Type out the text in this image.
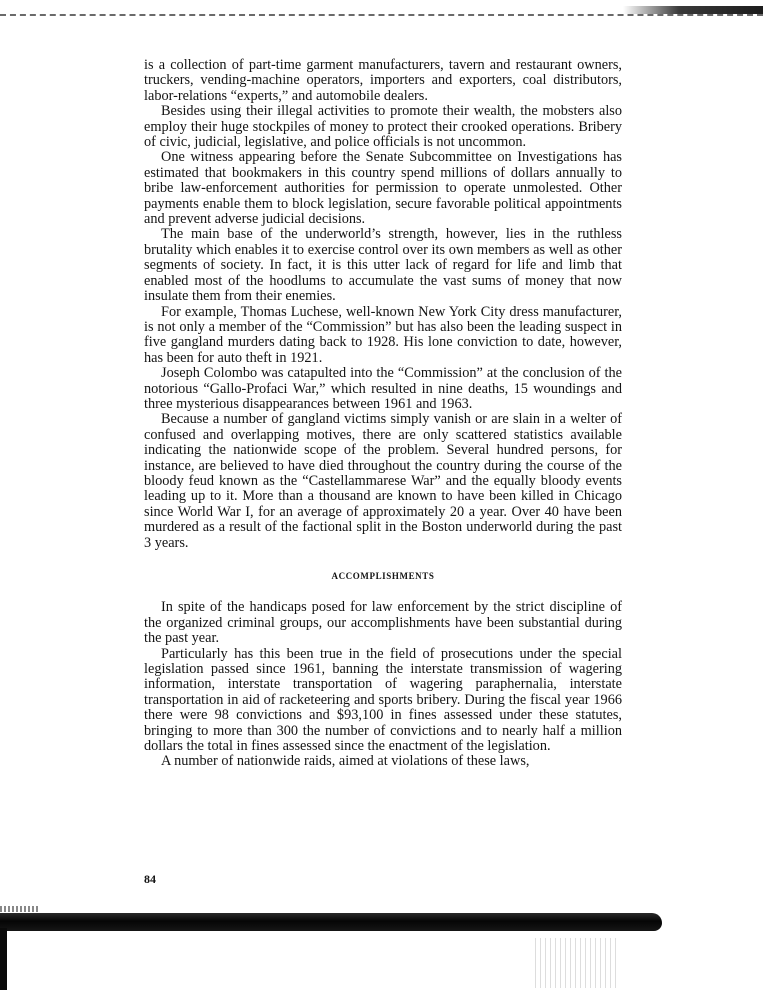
is a collection of part-time garment manufacturers, tavern and restaurant owners, truckers, vending-machine operators, importers and exporters, coal distributors, labor-relations “experts,” and automobile dealers.

Besides using their illegal activities to promote their wealth, the mobsters also employ their huge stockpiles of money to protect their crooked operations. Bribery of civic, judicial, legislative, and police officials is not uncommon.

One witness appearing before the Senate Subcommittee on Investigations has estimated that bookmakers in this country spend millions of dollars annually to bribe law-enforcement authorities for permission to operate unmolested. Other payments enable them to block legislation, secure favorable political appointments and prevent adverse judicial decisions.

The main base of the underworld’s strength, however, lies in the ruthless brutality which enables it to exercise control over its own members as well as other segments of society. In fact, it is this utter lack of regard for life and limb that enabled most of the hoodlums to accumulate the vast sums of money that now insulate them from their enemies.

For example, Thomas Luchese, well-known New York City dress manufacturer, is not only a member of the “Commission” but has also been the leading suspect in five gangland murders dating back to 1928. His lone conviction to date, however, has been for auto theft in 1921.

Joseph Colombo was catapulted into the “Commission” at the conclusion of the notorious “Gallo-Profaci War,” which resulted in nine deaths, 15 woundings and three mysterious disappearances between 1961 and 1963.

Because a number of gangland victims simply vanish or are slain in a welter of confused and overlapping motives, there are only scattered statistics available indicating the nationwide scope of the problem. Several hundred persons, for instance, are believed to have died throughout the country during the course of the bloody feud known as the “Castellammarese War” and the equally bloody events leading up to it. More than a thousand are known to have been killed in Chicago since World War I, for an average of approximately 20 a year. Over 40 have been murdered as a result of the factional split in the Boston underworld during the past 3 years.

ACCOMPLISHMENTS

In spite of the handicaps posed for law enforcement by the strict discipline of the organized criminal groups, our accomplishments have been substantial during the past year.

Particularly has this been true in the field of prosecutions under the special legislation passed since 1961, banning the interstate transmission of wagering information, interstate transportation of wagering paraphernalia, interstate transportation in aid of racketeering and sports bribery. During the fiscal year 1966 there were 98 convictions and $93,100 in fines assessed under these statutes, bringing to more than 300 the number of convictions and to nearly half a million dollars the total in fines assessed since the enactment of the legislation.

A number of nationwide raids, aimed at violations of these laws,

84
